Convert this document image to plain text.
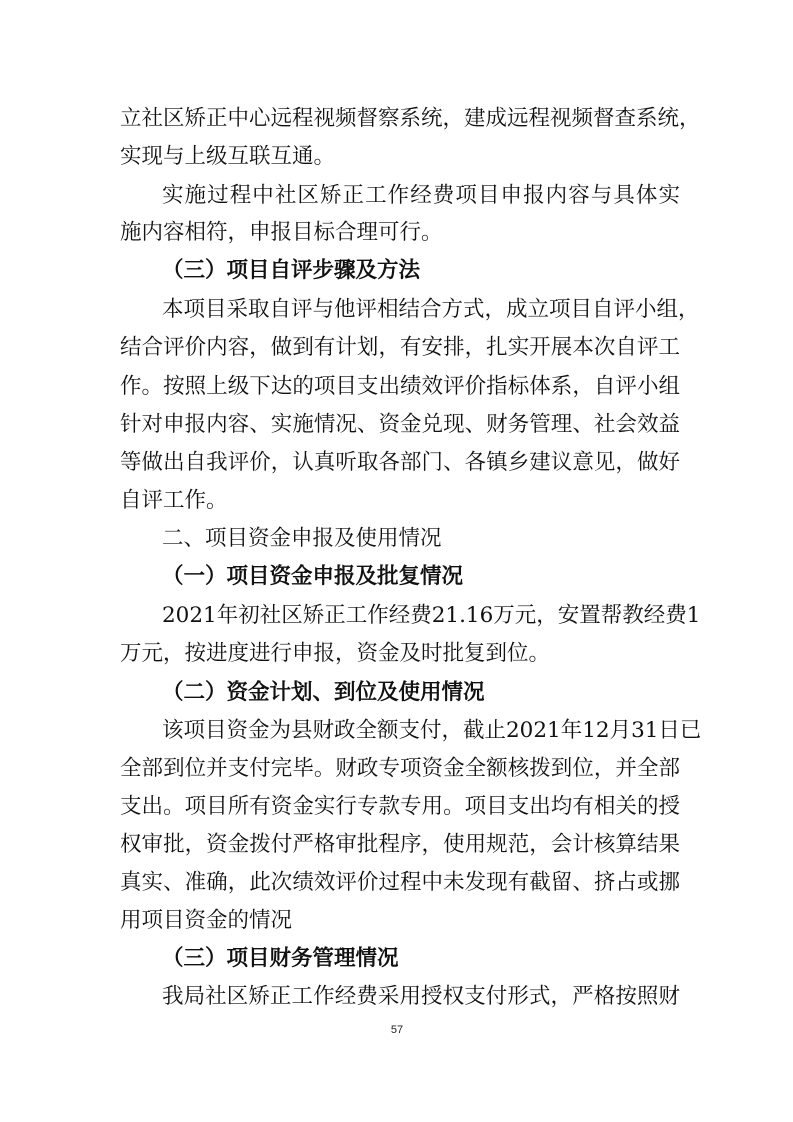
立社区矫正中心远程视频督察系统，建成远程视频督查系统，
实现与上级互联互通。
实施过程中社区矫正工作经费项目申报内容与具体实
施内容相符，申报目标合理可行。
（三）项目自评步骤及方法
本项目采取自评与他评相结合方式，成立项目自评小组，
结合评价内容，做到有计划，有安排，扎实开展本次自评工
作。按照上级下达的项目支出绩效评价指标体系，自评小组
针对申报内容、实施情况、资金兑现、财务管理、社会效益
等做出自我评价，认真听取各部门、各镇乡建议意见，做好
自评工作。
二、项目资金申报及使用情况
（一）项目资金申报及批复情况
2021年初社区矫正工作经费21.16万元，安置帮教经费1
万元，按进度进行申报，资金及时批复到位。
（二）资金计划、到位及使用情况
该项目资金为县财政全额支付，截止2021年12月31日已
全部到位并支付完毕。财政专项资金全额核拨到位，并全部
支出。项目所有资金实行专款专用。项目支出均有相关的授
权审批，资金拨付严格审批程序，使用规范，会计核算结果
真实、准确，此次绩效评价过程中未发现有截留、挤占或挪
用项目资金的情况
（三）项目财务管理情况
我局社区矫正工作经费采用授权支付形式，严格按照财
57
